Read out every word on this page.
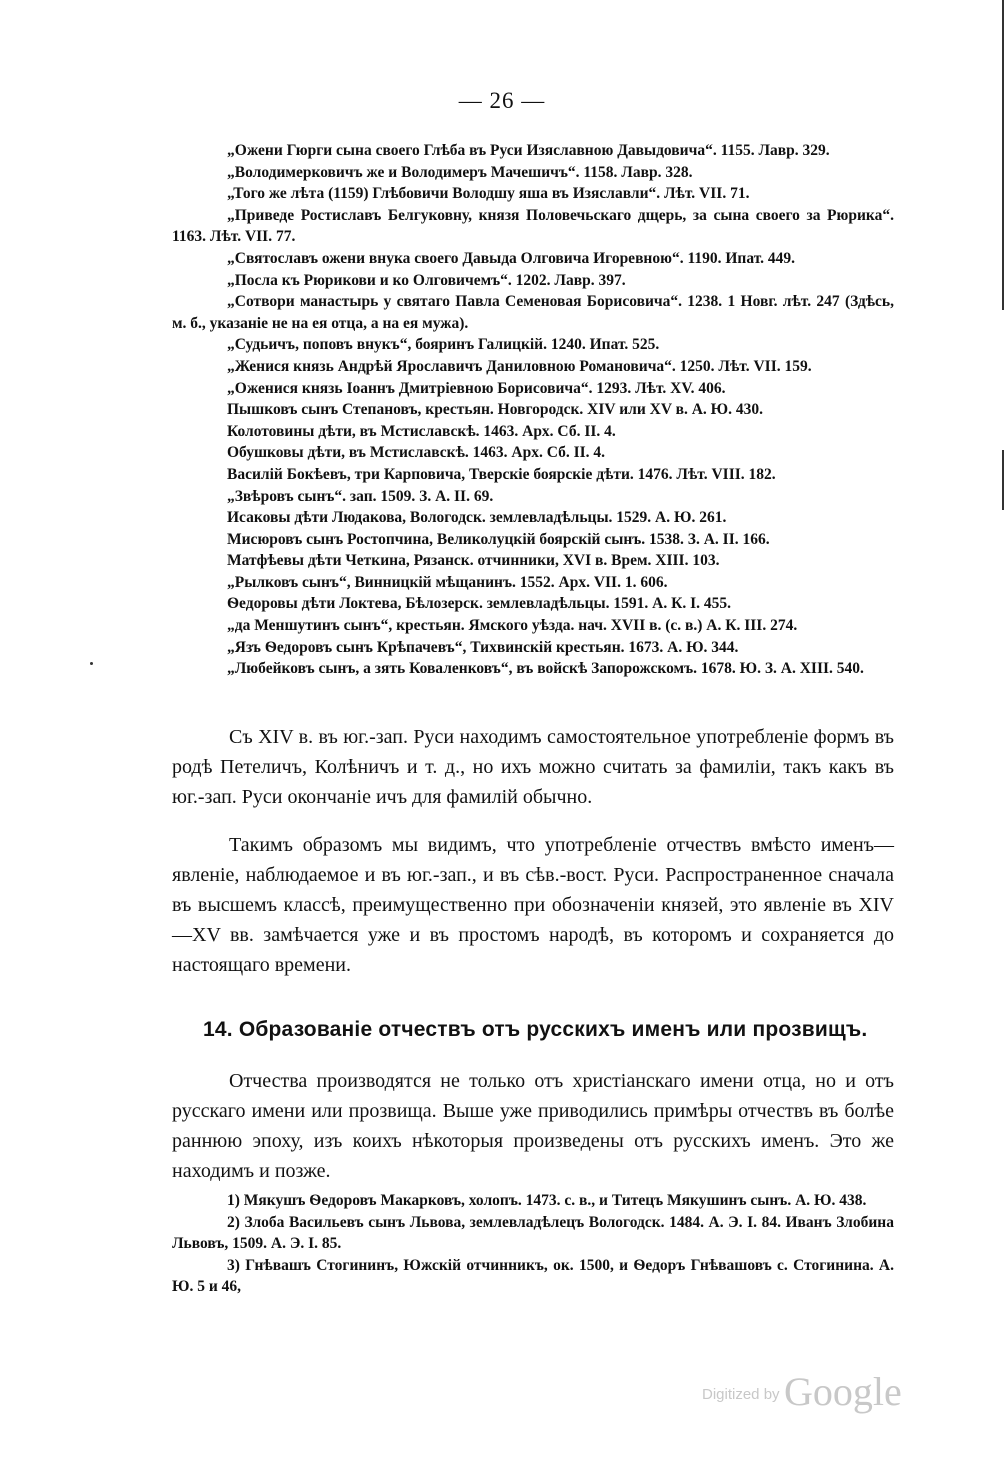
— 26 —

„Ожени Гюрги сына своего Глѣба въ Руси Изяславною Давыдовича“. 1155. Лавр. 329.

„Володимерковичъ же и Володимеръ Мачешичъ“. 1158. Лавр. 328.

„Того же лѣта (1159) Глѣбовичи Володшу яша въ Изяславли“. Лѣт. VII. 71.

„Приведе Ростиславъ Белгуковну, князя Половечьскаго дщерь, за сына своего за Рюрика“. 1163. Лѣт. VII. 77.

„Святославъ ожени внука своего Давыда Олговича Игоревною“. 1190. Ипат. 449.

„Посла къ Рюрикови и ко Олговичемъ“. 1202. Лавр. 397.

„Сотвори манастырь у святаго Павла Семеновая Борисовича“. 1238. 1 Новг. лѣт. 247 (Здѣсь, м. б., указаніе не на ея отца, а на ея мужа).

„Судьичъ, поповъ внукъ“, бояринъ Галицкій. 1240. Ипат. 525.

„Женися князь Андрѣй Ярославичъ Даниловною Романовича“. 1250. Лѣт. VII. 159.

„Оженися князь Іоаннъ Дмитріевною Борисовича“. 1293. Лѣт. XV. 406.

Пышковъ сынъ Степановъ, крестьян. Новгородск. XIV или XV в. А. Ю. 430.

Колотовины дѣти, въ Мстиславскѣ. 1463. Арх. Сб. II. 4.

Обушковы дѣти, въ Мстиславскѣ. 1463. Арх. Сб. II. 4.

Василій Бокѣевъ, три Карповича, Тверскіе боярскіе дѣти. 1476. Лѣт. VIII. 182.

„Звѣровъ сынъ“. зап. 1509. З. А. II. 69.

Исаковы дѣти Людакова, Вологодск. землевладѣльцы. 1529. А. Ю. 261.

Мисюровъ сынъ Ростопчина, Великолуцкій боярскій сынъ. 1538. З. А. II. 166.

Матфѣевы дѣти Четкина, Рязанск. отчинники, XVI в. Врем. XIII. 103.

„Рылковъ сынъ“, Винницкій мѣщанинъ. 1552. Арх. VII. 1. 606.

Ѳедоровы дѣти Локтева, Бѣлозерск. землевладѣльцы. 1591. А. К. I. 455.

„да Меншутинъ сынъ“, крестьян. Ямского уѣзда. нач. XVII в. (с. в.) А. К. III. 274.

„Язъ Ѳедоровъ сынъ Крѣпачевъ“, Тихвинскій крестьян. 1673. А. Ю. 344.

„Любейковъ сынъ, а зять Коваленковъ“, въ войскѣ Запорожскомъ. 1678. Ю. З. А. XIII. 540.

Съ XIV в. въ юг.-зап. Руси находимъ самостоятельное употребленіе формъ въ родѣ Петеличъ, Колѣничъ и т. д., но ихъ можно считать за фамиліи, такъ какъ въ юг.-зап. Руси окончаніе ичъ для фамилій обычно.

Такимъ образомъ мы видимъ, что употребленіе отчествъ вмѣсто именъ—явленіе, наблюдаемое и въ юг.-зап., и въ сѣв.-вост. Руси. Распространенное сначала въ высшемъ классѣ, преимущественно при обозначеніи князей, это явленіе въ XIV—XV вв. замѣчается уже и въ простомъ народѣ, въ которомъ и сохраняется до настоящаго времени.

14. Образованіе отчествъ отъ русскихъ именъ или прозвищъ.

Отчества производятся не только отъ христіанскаго имени отца, но и отъ русскаго имени или прозвища. Выше уже приводились примѣры отчествъ въ болѣе раннюю эпоху, изъ коихъ нѣкоторыя произведены отъ русскихъ именъ. Это же находимъ и позже.

1) Мякушъ Ѳедоровъ Макарковъ, холопъ. 1473. с. в., и Титецъ Мякушинъ сынъ. А. Ю. 438.

2) Злоба Васильевъ сынъ Львова, землевладѣлецъ Вологодск. 1484. А. Э. I. 84. Иванъ Злобина Львовъ, 1509. А. Э. I. 85.

3) Гнѣвашъ Стогининъ, Южскій отчинникъ, ок. 1500, и Ѳедоръ Гнѣвашовъ с. Стогинина. А. Ю. 5 и 46,

Digitized by Google
